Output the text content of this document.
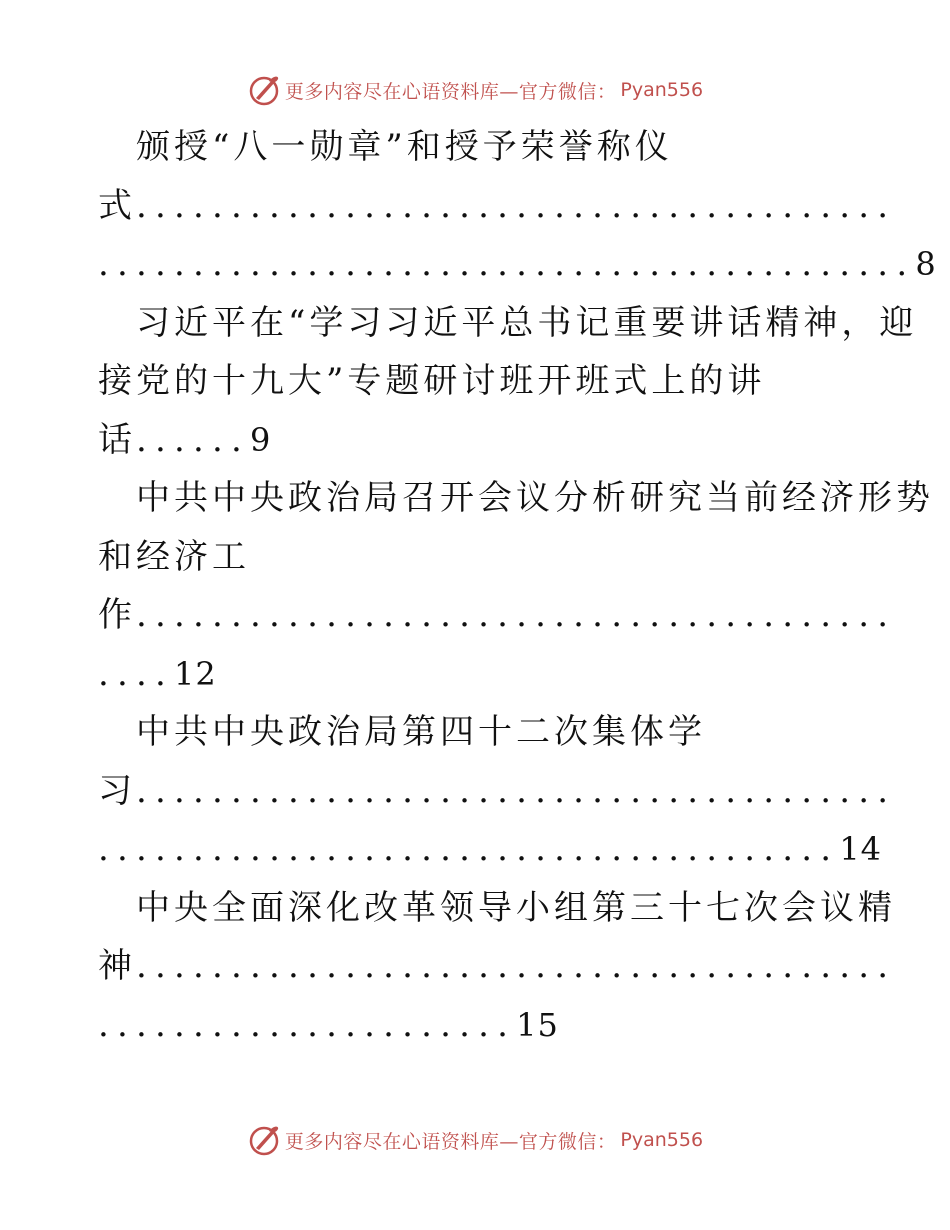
更多内容尽在心语资料库—官方微信： Pyan556
颁授“八一勋章”和授予荣誉称仪
式........................................
...........................................8
习近平在“学习习近平总书记重要讲话精神，迎
接党的十九大”专题研讨班开班式上的讲
话......9
中共中央政治局召开会议分析研究当前经济形势
和经济工
作........................................
....12
中共中央政治局第四十二次集体学
习........................................
.......................................14
中央全面深化改革领导小组第三十七次会议精
神........................................
......................15
更多内容尽在心语资料库—官方微信： Pyan556
